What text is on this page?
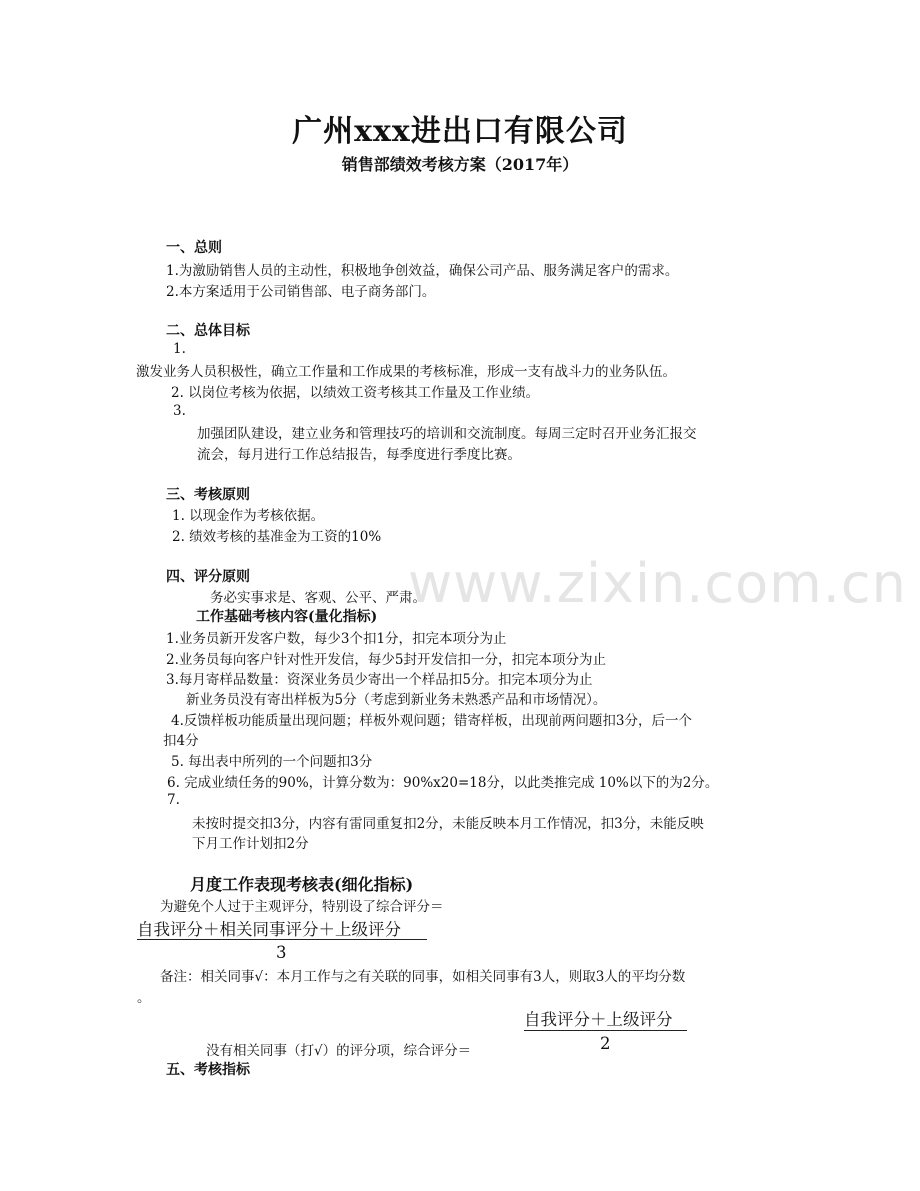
广州xxx进出口有限公司
销售部绩效考核方案（2017年）
一、总则
1.为激励销售人员的主动性，积极地争创效益，确保公司产品、服务满足客户的需求。
2.本方案适用于公司销售部、电子商务部门。
二、总体目标
1.
激发业务人员积极性，确立工作量和工作成果的考核标准，形成一支有战斗力的业务队伍。
2. 以岗位考核为依据，以绩效工资考核其工作量及工作业绩。
3.
加强团队建设，建立业务和管理技巧的培训和交流制度。每周三定时召开业务汇报交
流会，每月进行工作总结报告，每季度进行季度比赛。
三、考核原则
1. 以现金作为考核依据。
2. 绩效考核的基准金为工资的10%
www.zixin.com.cn
四、评分原则
务必实事求是、客观、公平、严肃。
工作基础考核内容(量化指标)
1.业务员新开发客户数，每少3个扣1分，扣完本项分为止
2.业务员每向客户针对性开发信，每少5封开发信扣一分，扣完本项分为止
3.每月寄样品数量：资深业务员少寄出一个样品扣5分。扣完本项分为止
新业务员没有寄出样板为5分（考虑到新业务未熟悉产品和市场情况）。
4.反馈样板功能质量出现问题；样板外观问题；错寄样板，出现前两问题扣3分，后一个
扣4分
5. 每出表中所列的一个问题扣3分
6. 完成业绩任务的90%，计算分数为：90%x20=18分，以此类推完成 10%以下的为2分。
7.
未按时提交扣3分，内容有雷同重复扣2分，未能反映本月工作情况，扣3分，未能反映
下月工作计划扣2分
月度工作表现考核表(细化指标)
为避免个人过于主观评分，特别设了综合评分＝
自我评分＋相关同事评分＋上级评分
3
备注：相关同事√：本月工作与之有关联的同事，如相关同事有3人，则取3人的平均分数
。
自我评分＋上级评分
没有相关同事（打√）的评分项，综合评分＝	2
五、考核指标
